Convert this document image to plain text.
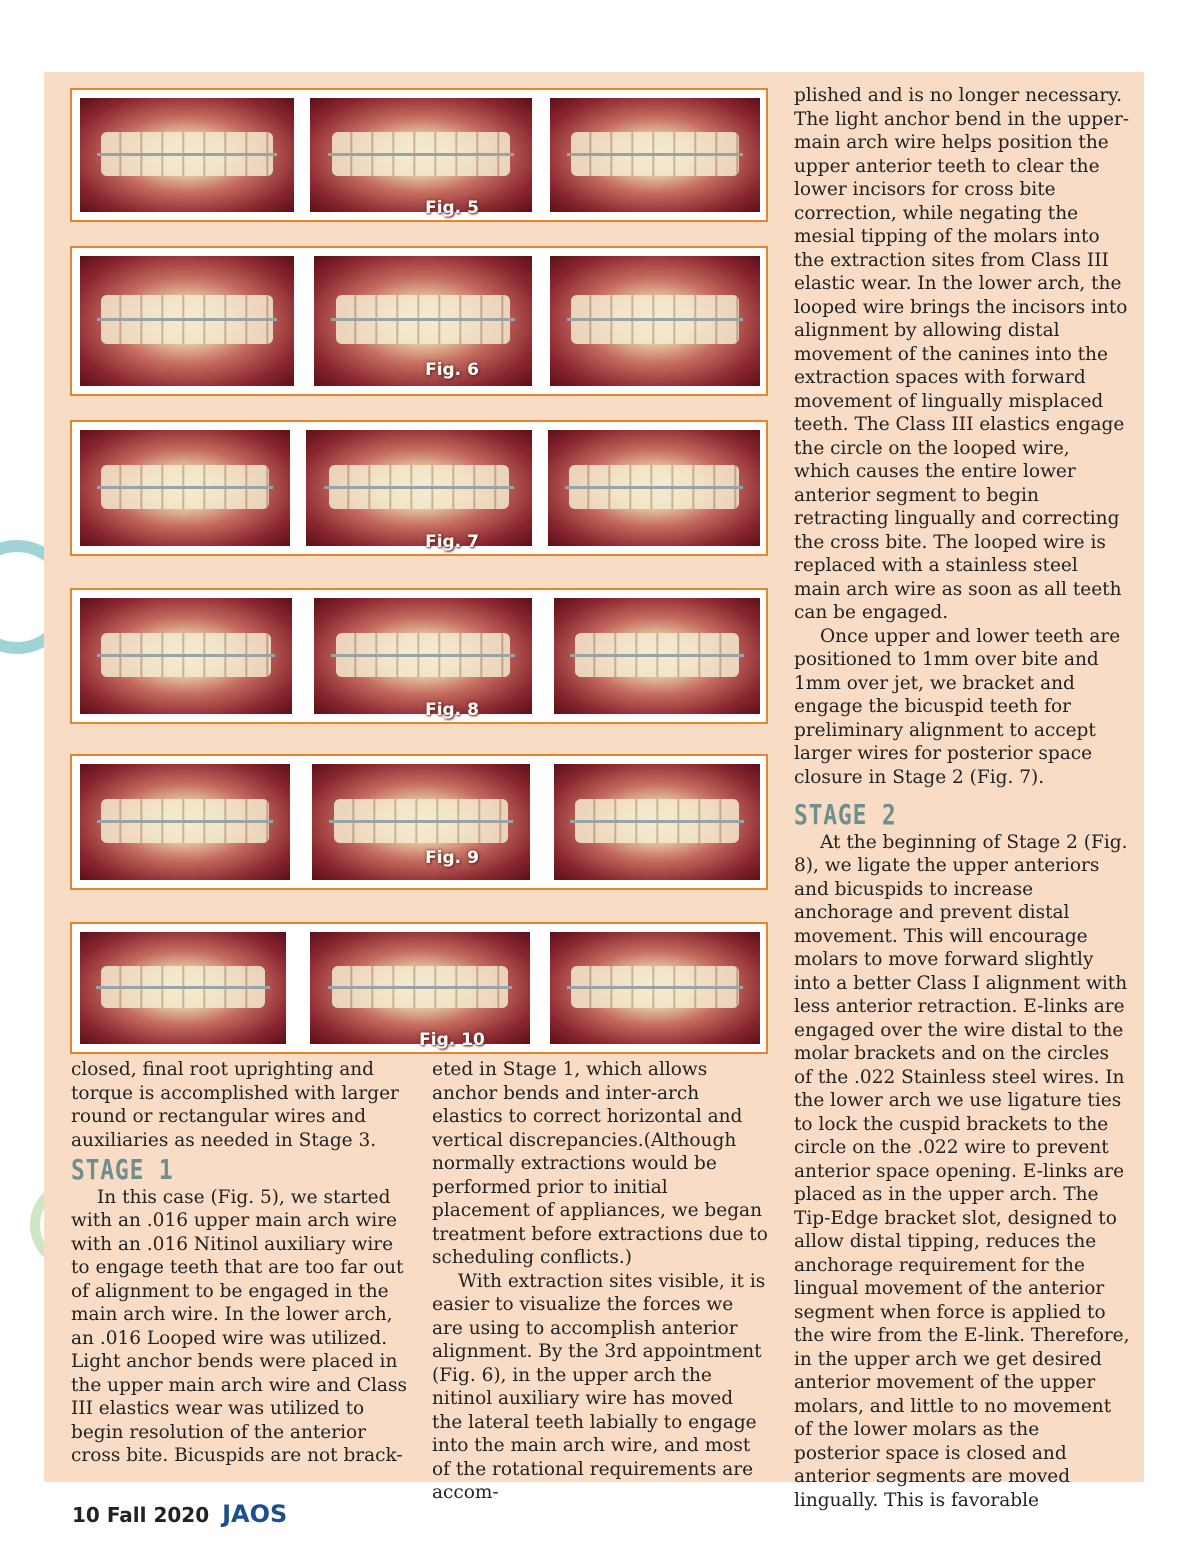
Fig. 5
Fig. 6
Fig. 7
Fig. 8
Fig. 9
Fig. 10

closed, final root uprighting and torque is accomplished with larger round or rectangular wires and auxiliaries as needed in Stage 3.

STAGE 1

In this case (Fig. 5), we started with an .016 upper main arch wire with an .016 Nitinol auxiliary wire to engage teeth that are too far out of alignment to be engaged in the main arch wire. In the lower arch, an .016 Looped wire was utilized. Light anchor bends were placed in the upper main arch wire and Class III elastics wear was utilized to begin resolution of the anterior cross bite. Bicuspids are not brack-

eted in Stage 1, which allows anchor bends and inter-arch elastics to correct horizontal and vertical discrepancies.(Although normally extractions would be performed prior to initial placement of appliances, we began treatment before extractions due to scheduling conflicts.)

With extraction sites visible, it is easier to visualize the forces we are using to accomplish anterior alignment. By the 3rd appointment (Fig. 6), in the upper arch the nitinol auxiliary wire has moved the lateral teeth labially to engage into the main arch wire, and most of the rotational requirements are accom-

plished and is no longer necessary. The light anchor bend in the upper-main arch wire helps position the upper anterior teeth to clear the lower incisors for cross bite correction, while negating the mesial tipping of the molars into the extraction sites from Class III elastic wear. In the lower arch, the looped wire brings the incisors into alignment by allowing distal movement of the canines into the extraction spaces with forward movement of lingually misplaced teeth. The Class III elastics engage the circle on the looped wire, which causes the entire lower anterior segment to begin retracting lingually and correcting the cross bite. The looped wire is replaced with a stainless steel main arch wire as soon as all teeth can be engaged.

Once upper and lower teeth are positioned to 1mm over bite and 1mm over jet, we bracket and engage the bicuspid teeth for preliminary alignment to accept larger wires for posterior space closure in Stage 2 (Fig. 7).

STAGE 2

At the beginning of Stage 2 (Fig. 8), we ligate the upper anteriors and bicuspids to increase anchorage and prevent distal movement. This will encourage molars to move forward slightly into a better Class I alignment with less anterior retraction. E-links are engaged over the wire distal to the molar brackets and on the circles of the .022 Stainless steel wires. In the lower arch we use ligature ties to lock the cuspid brackets to the circle on the .022 wire to prevent anterior space opening. E-links are placed as in the upper arch. The Tip-Edge bracket slot, designed to allow distal tipping, reduces the anchorage requirement for the lingual movement of the anterior segment when force is applied to the wire from the E-link. Therefore, in the upper arch we get desired anterior movement of the upper molars, and little to no movement of the lower molars as the posterior space is closed and anterior segments are moved lingually. This is favorable

10 Fall 2020 JAOS
